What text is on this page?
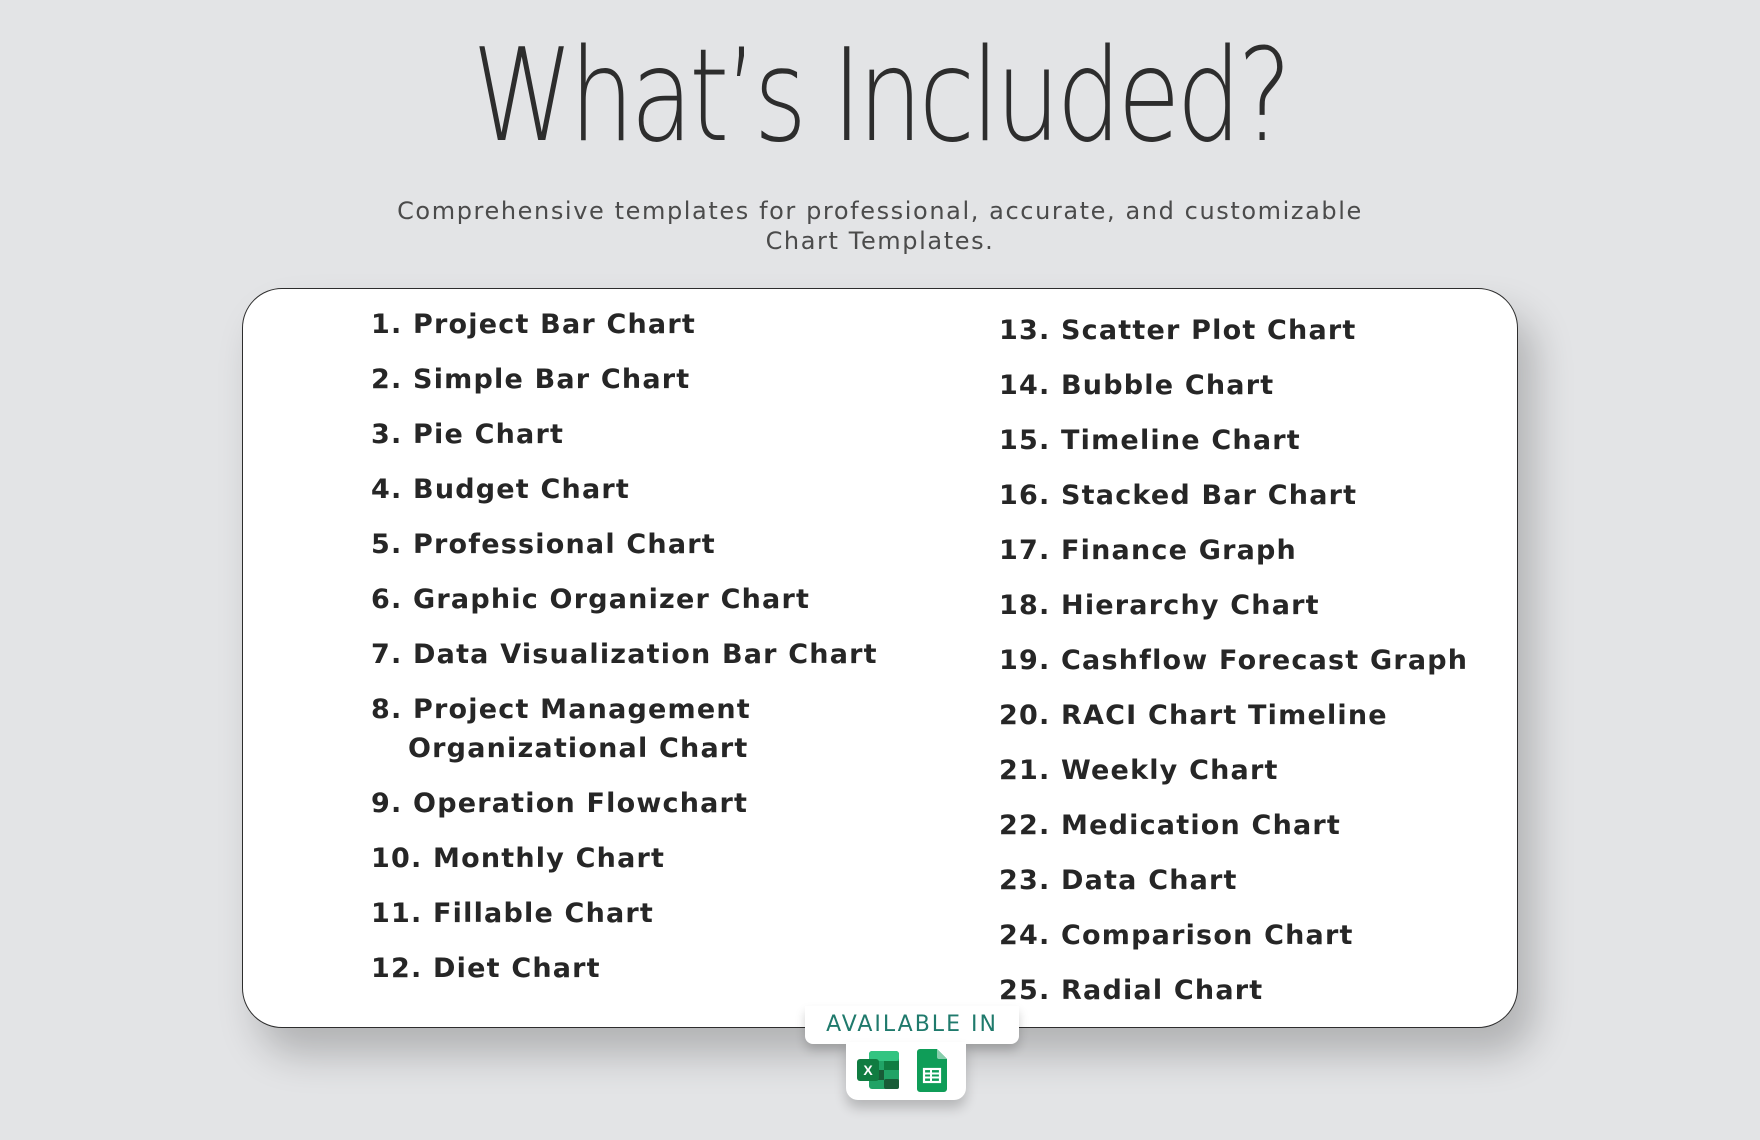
What’s Included?
Comprehensive templates for professional, accurate, and customizable
Chart Templates.
1. Project Bar Chart
2. Simple Bar Chart
3. Pie Chart
4. Budget Chart
5. Professional Chart
6. Graphic Organizer Chart
7. Data Visualization Bar Chart
8. Project Management
Organizational Chart
9. Operation Flowchart
10. Monthly Chart
11. Fillable Chart
12. Diet Chart
13. Scatter Plot Chart
14. Bubble Chart
15. Timeline Chart
16. Stacked Bar Chart
17. Finance Graph
18. Hierarchy Chart
19. Cashflow Forecast Graph
20. RACI Chart Timeline
21. Weekly Chart
22. Medication Chart
23. Data Chart
24. Comparison Chart
25. Radial Chart
AVAILABLE IN
X
